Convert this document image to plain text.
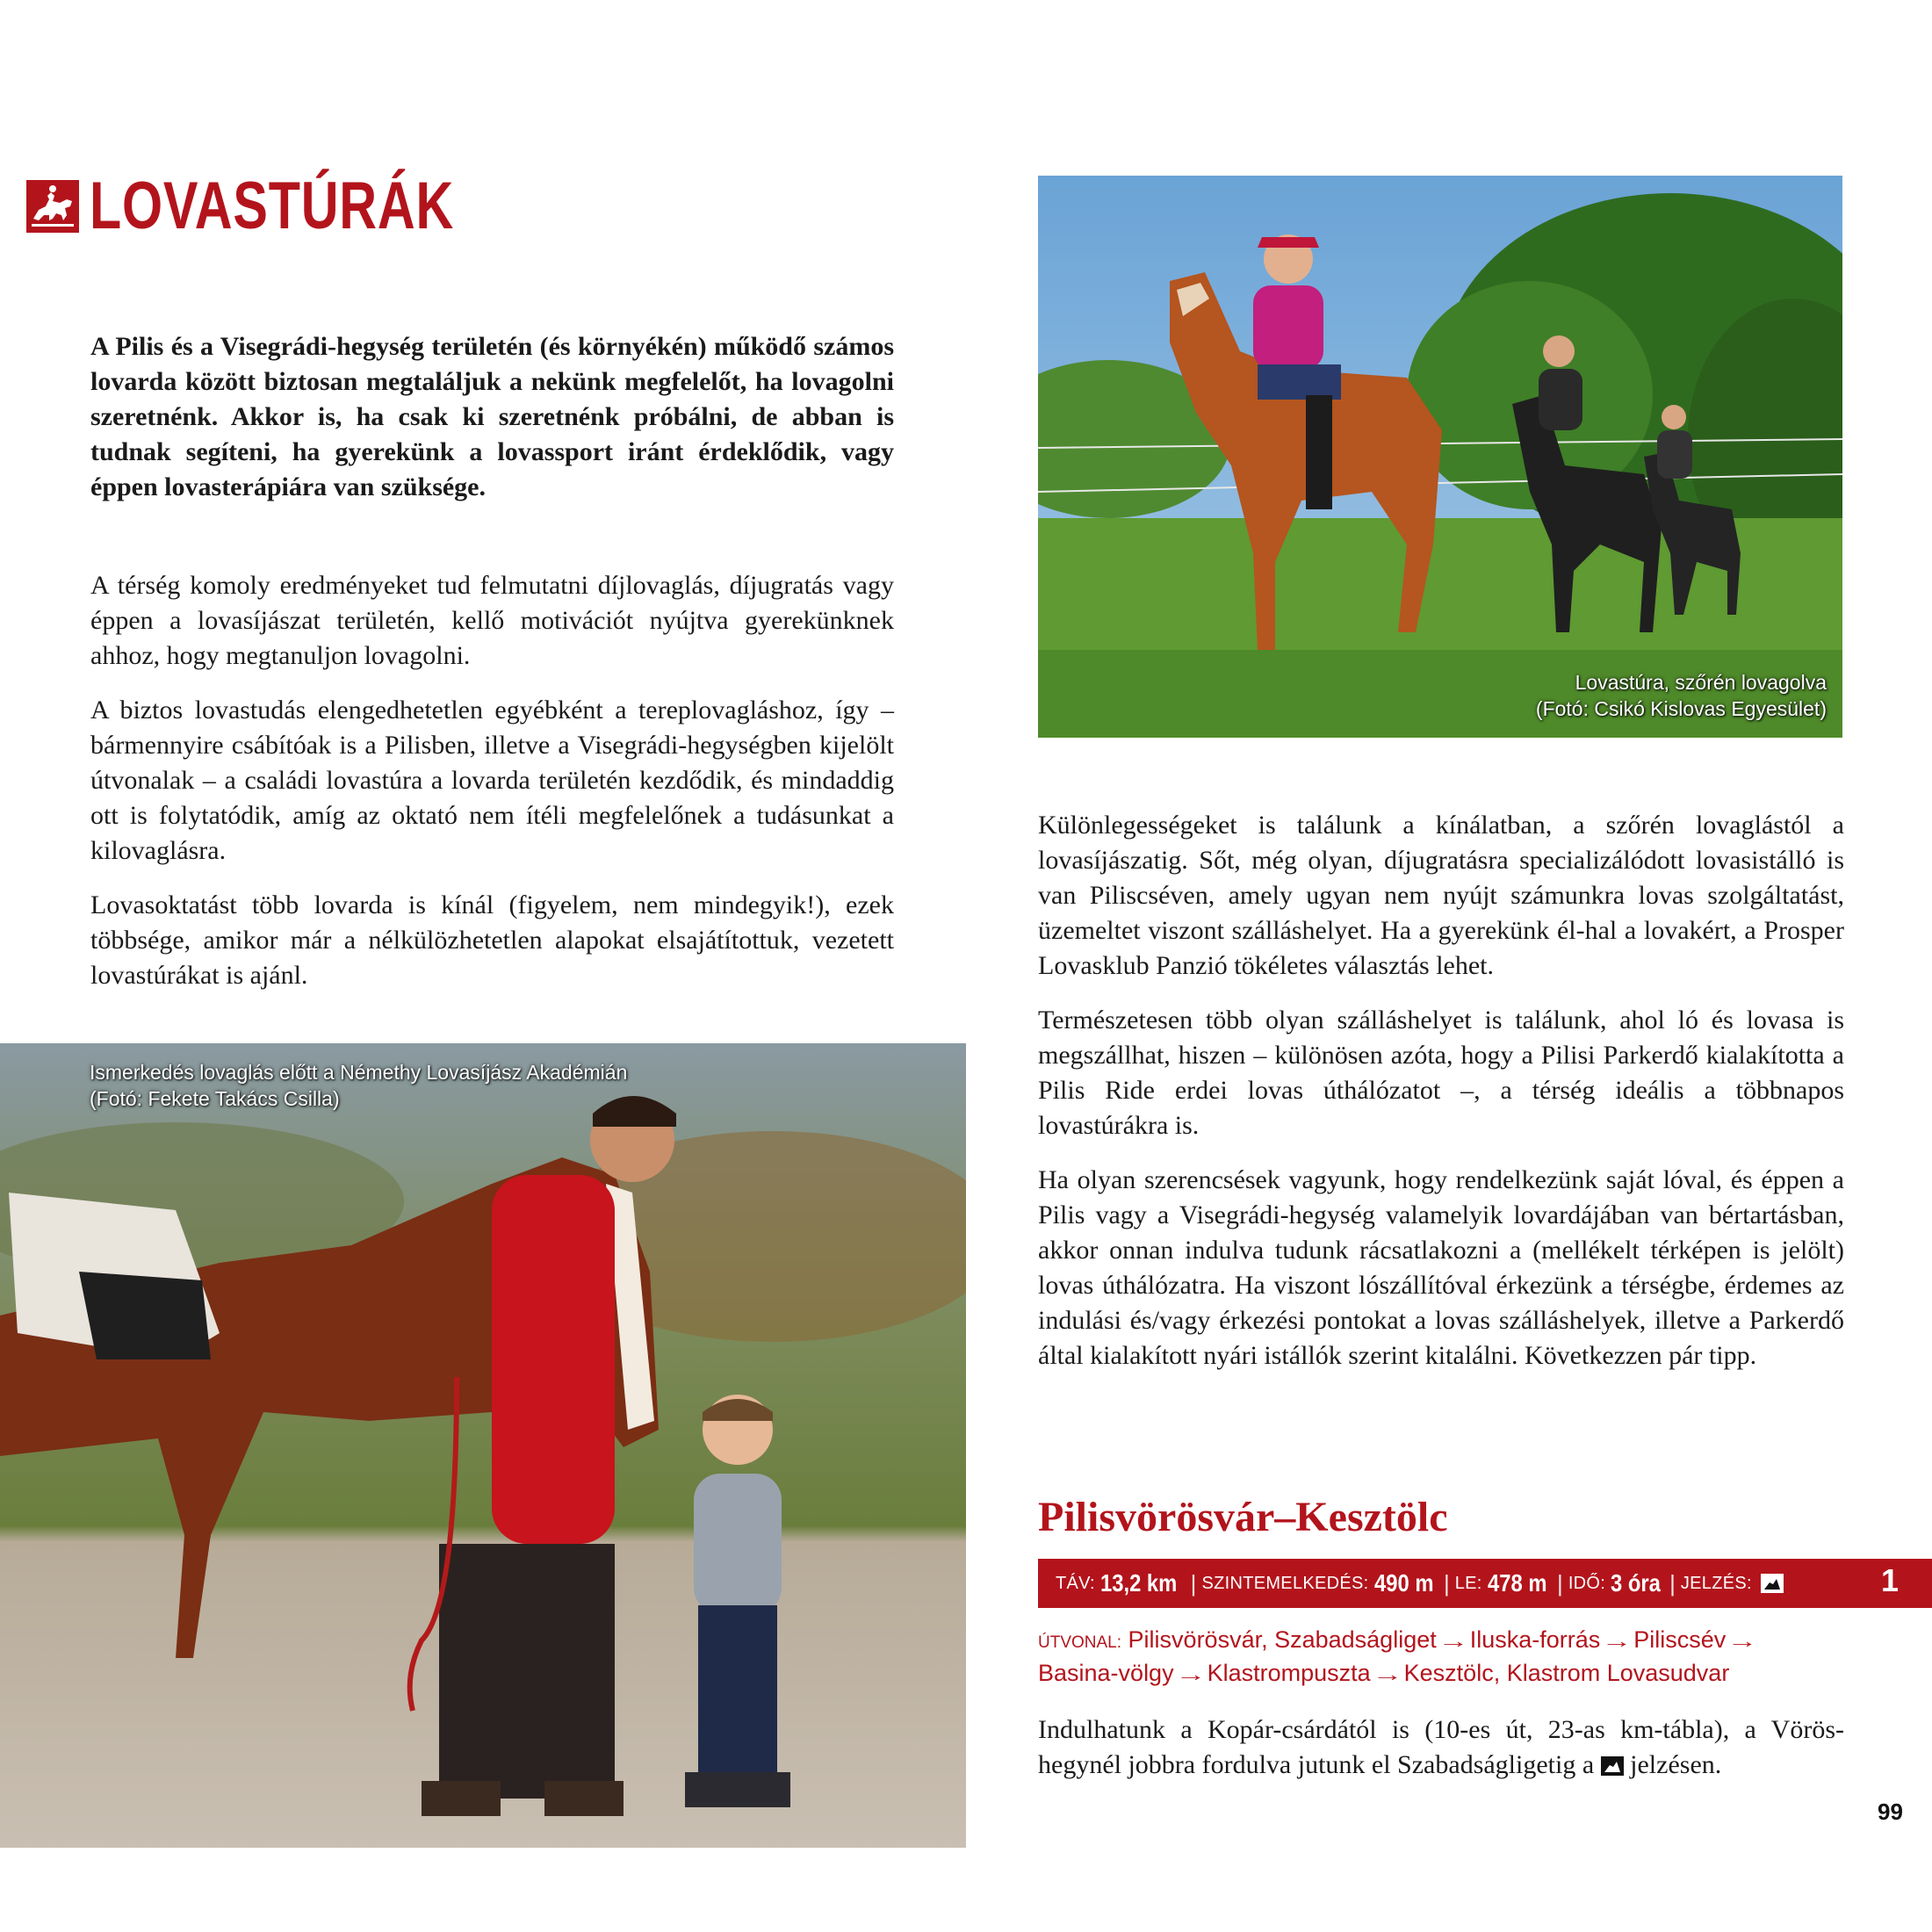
LOVASTÚRÁK

A Pilis és a Visegrádi-hegység területén (és környékén) működő számos lovarda között biztosan megtaláljuk a nekünk megfelelőt, ha lovagolni szeretnénk. Akkor is, ha csak ki szeretnénk próbálni, de abban is tudnak segíteni, ha gyerekünk a lovassport iránt érdeklődik, vagy éppen lovasterápiára van szüksége.

A térség komoly eredményeket tud felmutatni díjlovaglás, díjugratás vagy éppen a lovasíjászat területén, kellő motivációt nyújtva gyerekünknek ahhoz, hogy megtanuljon lovagolni.

A biztos lovastudás elengedhetetlen egyébként a tereplovagláshoz, így – bármennyire csábítóak is a Pilisben, illetve a Visegrádi-hegységben kijelölt útvonalak – a családi lovastúra a lovarda területén kezdődik, és mindaddig ott is folytatódik, amíg az oktató nem ítéli megfelelőnek a tudásunkat a kilovaglásra.

Lovasoktatást több lovarda is kínál (figyelem, nem mindegyik!), ezek többsége, amikor már a nélkülözhetetlen alapokat elsajátítottuk, vezetett lovastúrákat is ajánl.

Lovastúra, szőrén lovagolva
(Fotó: Csikó Kislovas Egyesület)
Ismerkedés lovaglás előtt a Némethy Lovasíjász Akadémián
(Fotó: Fekete Takács Csilla)

Különlegességeket is találunk a kínálatban, a szőrén lovaglástól a lovasíjászatig. Sőt, még olyan, díjugratásra specializálódott lovasistálló is van Piliscséven, amely ugyan nem nyújt számunkra lovas szolgáltatást, üzemeltet viszont szálláshelyet. Ha a gyerekünk él-hal a lovakért, a Prosper Lovasklub Panzió tökéletes választás lehet.

Természetesen több olyan szálláshelyet is találunk, ahol ló és lovasa is megszállhat, hiszen – különösen azóta, hogy a Pilisi Parkerdő kialakította a Pilis Ride erdei lovas úthálózatot –, a térség ideális a többnapos lovastúrákra is.

Ha olyan szerencsések vagyunk, hogy rendelkezünk saját lóval, és éppen a Pilis vagy a Visegrádi-hegység valamelyik lovardájában van bértartásban, akkor onnan indulva tudunk rácsatlakozni a (mellékelt térképen is jelölt) lovas úthálózatra. Ha viszont lószállítóval érkezünk a térségbe, érdemes az indulási és/vagy érkezési pontokat a lovas szálláshelyek, illetve a Parkerdő által kialakított nyári istállók szerint kitalálni. Következzen pár tipp.

Pilisvörösvár–Kesztölc
TÁV: 13,2 km | SZINTEMELKEDÉS: 490 m | LE: 478 m | IDŐ: 3 óra | JELZÉS:	1
ÚTVONAL: Pilisvörösvár, Szabadságliget→Iluska-forrás→Piliscsév→
Basina-völgy→Klastrompuszta→Kesztölc, Klastrom Lovasudvar

Indulhatunk a Kopár-csárdától is (10-es út, 23-as km-tábla), a Vörös-hegynél jobbra fordulva jutunk el Szabadságligetig a jelzésen.

99
